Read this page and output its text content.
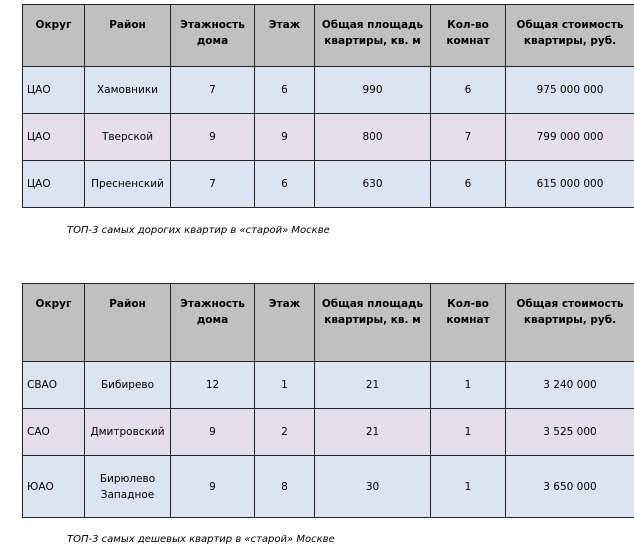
Округ	Район	Этажность дома	Этаж	Общая площадь квартиры, кв. м	Кол-во комнат	Общая стоимость квартиры, руб.
ЦАО	Хамовники	7	6	990	6	975 000 000
ЦАО	Тверской	9	9	800	7	799 000 000
ЦАО	Пресненский	7	6	630	6	615 000 000
ТОП-3 самых дорогих квартир в «старой» Москве
Округ	Район	Этажность дома	Этаж	Общая площадь квартиры, кв. м	Кол-во комнат	Общая стоимость квартиры, руб.
СВАО	Бибирево	12	1	21	1	3 240 000
САО	Дмитровский	9	2	21	1	3 525 000
ЮАО	Бирюлево Западное	9	8	30	1	3 650 000
ТОП-3 самых дешевых квартир в «старой» Москве
